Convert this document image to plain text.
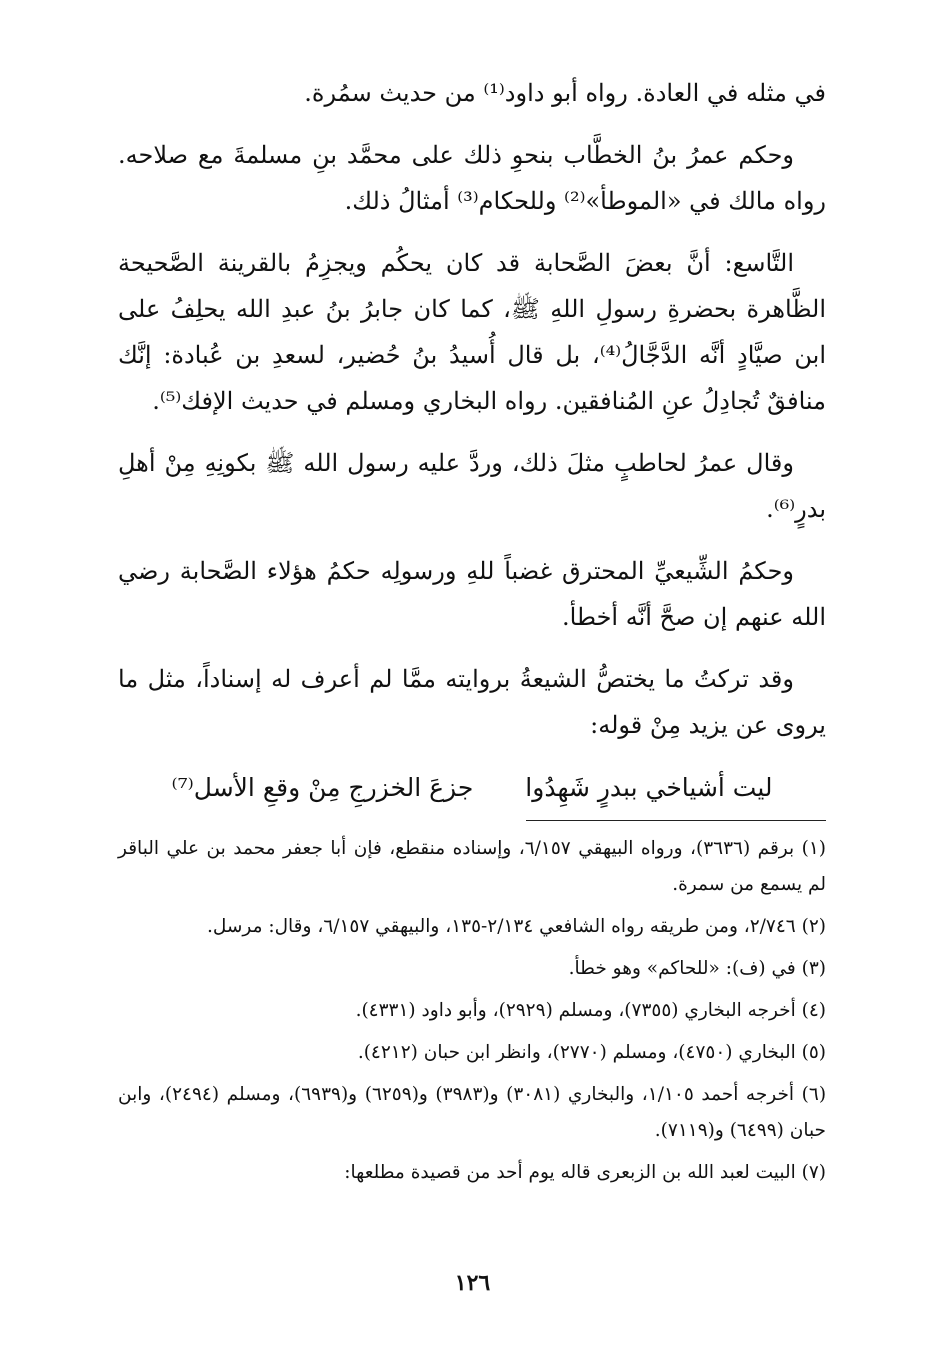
في مثله في العادة. رواه أبو داود⁽¹⁾ من حديث سمُرة.

وحكم عمرُ بنُ الخطَّاب بنحوِ ذلك على محمَّد بنِ مسلمةَ مع صلاحه. رواه مالك في «الموطأ»⁽²⁾ وللحكام⁽³⁾ أمثالُ ذلك.

التَّاسع: أنَّ بعضَ الصَّحابة قد كان يحكُم ويجزِمُ بالقرينة الصَّحيحة الظَّاهرة بحضرةِ رسولِ اللهِ ﷺ، كما كان جابرُ بنُ عبدِ الله يحلِفُ على ابن صيَّادٍ أنَّه الدَّجَّالُ⁽⁴⁾، بل قال أُسيدُ بنُ حُضير، لسعدِ بن عُبادة: إنَّك منافقٌ تُجادِلُ عنِ المُنافقين. رواه البخاري ومسلم في حديث الإفك⁽⁵⁾.

وقال عمرُ لحاطبٍ مثلَ ذلك، وردَّ عليه رسول الله ﷺ بكونِهِ مِنْ أهلِ بدرٍ⁽⁶⁾.

وحكمُ الشِّيعيِّ المحترق غضباً للهِ ورسولِه حكمُ هؤلاء الصَّحابة رضي الله عنهم إن صحَّ أنَّه أخطأ.

وقد تركتُ ما يختصُّ الشيعةُ بروايته ممَّا لم أعرف له إسناداً، مثل ما يروى عن يزيد مِنْ قوله:

ليت أشياخي ببدرٍ شَهِدُوا
جزعَ الخزرجِ مِنْ وقعِ الأسل⁽⁷⁾

(١) برقم (٣٦٣٦)، ورواه البيهقي ٦/١٥٧، وإسناده منقطع، فإن أبا جعفر محمد بن علي الباقر لم يسمع من سمرة.

(٢) ٢/٧٤٦، ومن طريقه رواه الشافعي ٢/١٣٤-١٣٥، والبيهقي ٦/١٥٧، وقال: مرسل.

(٣) في (ف): «للحاكم» وهو خطأ.

(٤) أخرجه البخاري (٧٣٥٥)، ومسلم (٢٩٢٩)، وأبو داود (٤٣٣١).

(٥) البخاري (٤٧٥٠)، ومسلم (٢٧٧٠)، وانظر ابن حبان (٤٢١٢).

(٦) أخرجه أحمد ١/١٠٥، والبخاري (٣٠٨١) و(٣٩٨٣) و(٦٢٥٩) و(٦٩٣٩)، ومسلم (٢٤٩٤)، وابن حبان (٦٤٩٩) و(٧١١٩).

(٧) البيت لعبد الله بن الزبعرى قاله يوم أحد من قصيدة مطلعها:

١٢٦
